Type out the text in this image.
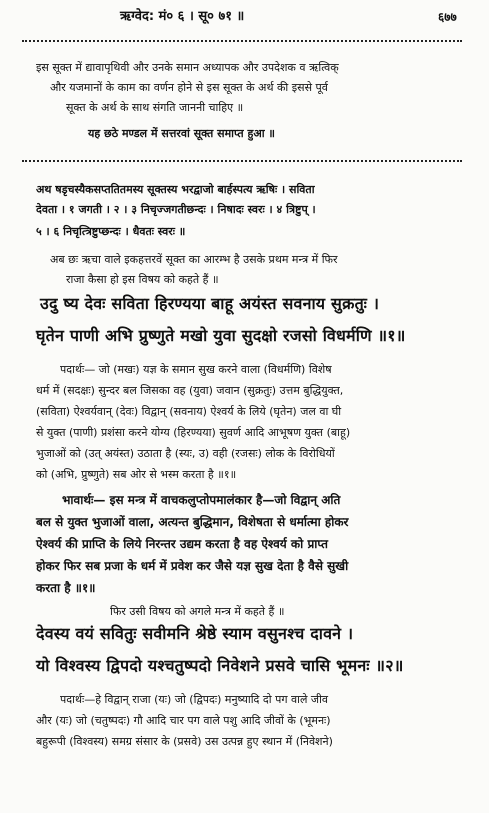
ऋग्वेद: मं० ६ । सू० ७१ ॥	६७७
इस सूक्त में द्यावापृथिवी और उनके समान अध्यापक और उपदेशक व ऋत्विक्
और यजमानों के काम का वर्णन होने से इस सूक्त के अर्थ की इससे पूर्व
सूक्त के अर्थ के साथ संगति जाननी चाहिए ॥
यह छठे मण्डल में सत्तरवां सूक्त समाप्त हुआ ॥
अथ षडृचस्यैकसप्ततितमस्य सूक्तस्य भरद्वाजो बार्हस्पत्य ऋषिः । सविता
देवता । १ जगती । २ । ३ निचृज्जगतीछन्दः । निषादः स्वरः । ४ त्रिष्टुप् ।
५ । ६ निचृत्त्रिष्टुप्छन्दः । धैवतः स्वरः ॥
अब छः ऋचा वाले इकहत्तरवें सूक्त का आरम्भ है उसके प्रथम मन्त्र में फिर
राजा कैसा हो इस विषय को कहते हैं ॥
उदु ष्य देवः सविता हिरण्यया बाहू अयंस्त सवनाय सुक्रतुः ।
घृतेन पाणी अभि प्रुष्णुते मखो युवा सुदक्षो रजसो विधर्मणि ॥१॥
पदार्थः— जो (मखः) यज्ञ के समान सुख करने वाला (विधर्मणि) विशेष
धर्म में (सदक्षः) सुन्दर बल जिसका वह (युवा) जवान (सुक्रतुः) उत्तम बुद्धियुक्त,
(सविता) ऐश्वर्यवान् (देवः) विद्वान् (सवनाय) ऐश्वर्य के लिये (घृतेन) जल वा घी
से युक्त (पाणी) प्रशंसा करने योग्य (हिरण्यया) सुवर्ण आदि आभूषण युक्त (बाहू)
भुजाओं को (उत् अयंस्त) उठाता है (स्यः, उ) वही (रजसः) लोक के विरोधियों
को (अभि, प्रुष्णुते) सब ओर से भस्म करता है ॥१॥
भावार्थः— इस मन्त्र में वाचकलुप्तोपमालंकार है—जो विद्वान् अति
बल से युक्त भुजाओं वाला, अत्यन्त बुद्धिमान, विशेषता से धर्मात्मा होकर
ऐश्वर्य की प्राप्ति के लिये निरन्तर उद्यम करता है वह ऐश्वर्य को प्राप्त
होकर फिर सब प्रजा के धर्म में प्रवेश कर जैसे यज्ञ सुख देता है वैसे सुखी
करता है ॥१॥
फिर उसी विषय को अगले मन्त्र में कहते हैं ॥
देवस्य वयं सवितुः सवीमनि श्रेष्ठे स्याम वसुनश्च दावने ।
यो विश्वस्य द्विपदो यश्चतुष्पदो निवेशने प्रसवे चासि भूमनः ॥२॥
पदार्थः—हे विद्वान् राजा (यः) जो (द्विपदः) मनुष्यादि दो पग वाले जीव
और (यः) जो (चतुष्पदः) गौ आदि चार पग वाले पशु आदि जीवों के (भूमनः)
बहुरूपी (विश्वस्य) समग्र संसार के (प्रसवे) उस उत्पन्न हुए स्थान में (निवेशने)
